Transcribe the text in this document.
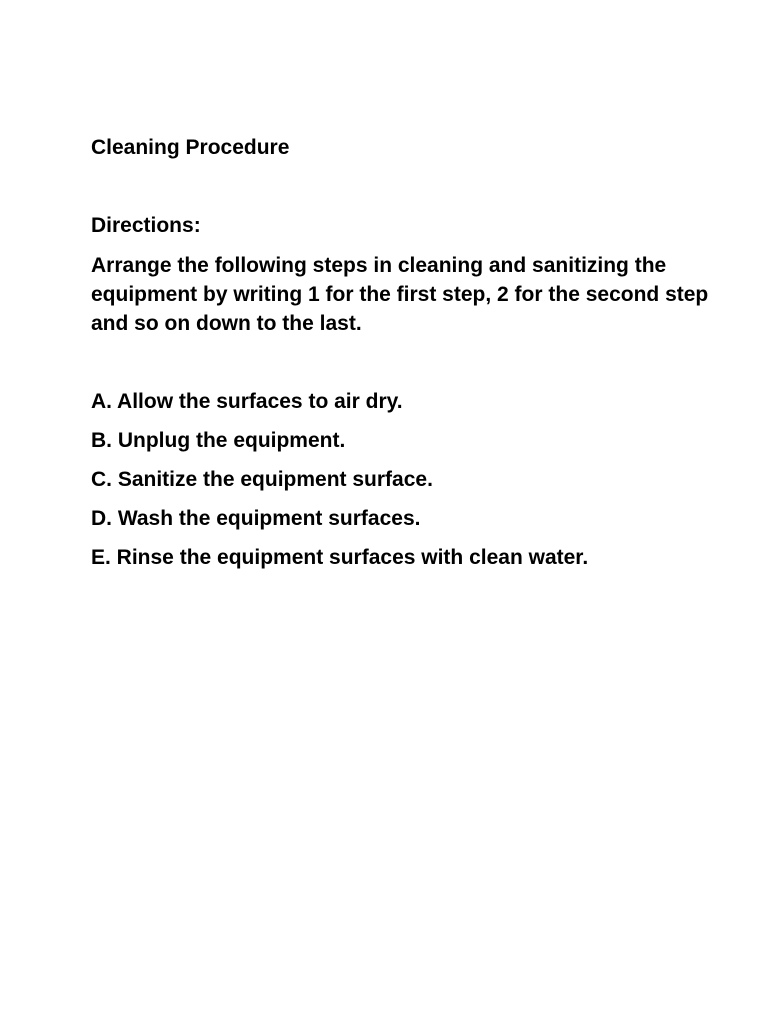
Cleaning Procedure

Directions:

Arrange the following steps in cleaning and sanitizing the equipment by writing 1 for the first step, 2 for the second step and so on down to the last.

A. Allow the surfaces to air dry.
B. Unplug the equipment.
C. Sanitize the equipment surface.
D. Wash the equipment surfaces.
E. Rinse the equipment surfaces with clean water.
